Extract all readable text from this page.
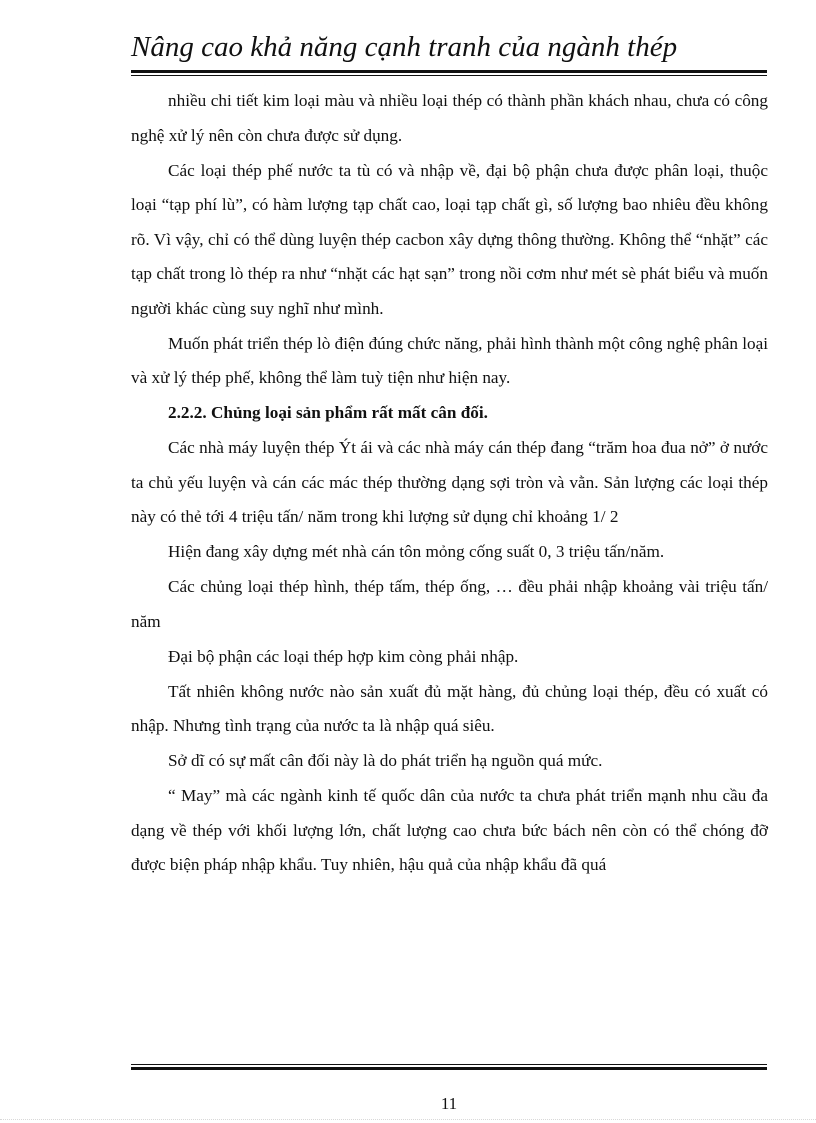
Nâng cao khả năng cạnh tranh của ngành thép

nhiều chi tiết kim loại màu và nhiều loại thép có thành phần khách nhau, chưa có công nghệ xử lý nên còn chưa được sử dụng.

Các loại thép phế nước ta tù có và nhập về, đại bộ phận chưa được phân loại, thuộc loại “tạp phí lù”, có hàm lượng tạp chất cao, loại tạp chất gì, số lượng bao nhiêu đều không rõ. Vì vậy, chỉ có thể dùng luyện thép cacbon xây dựng thông thường. Không thể “nhặt” các tạp chất trong lò thép ra như “nhặt các hạt sạn” trong nồi cơm như mét sè phát biểu và muốn người khác cùng suy nghĩ như mình.

Muốn phát triển thép lò điện đúng chức năng, phải hình thành một công nghệ phân loại và xử lý thép phế, không thể làm tuỳ tiện như hiện nay.

2.2.2. Chủng loại sản phẩm rất mất cân đối.

Các nhà máy luyện thép Ýt ái và các nhà máy cán thép đang “trăm hoa đua nở” ở nước ta chủ yếu luyện và cán các mác thép thường dạng sợi tròn và vằn. Sản lượng các loại thép này có thẻ tới 4 triệu tấn/ năm trong khi lượng sử dụng chỉ khoảng 1/ 2

Hiện đang xây dựng mét nhà cán tôn mỏng cống suất 0, 3 triệu tấn/năm.

Các chủng loại thép hình, thép tấm, thép ống, … đều phải nhập khoảng vài triệu tấn/ năm

Đại bộ phận các loại thép hợp kim còng phải nhập.

Tất nhiên không nước nào sản xuất đủ mặt hàng, đủ chủng loại thép, đều có xuất có nhập. Nhưng tình trạng của nước ta là nhập quá siêu.

Sở dĩ có sự mất cân đối này là do phát triển hạ nguồn quá mức.

“ May” mà các ngành kinh tế quốc dân của nước ta chưa phát triển mạnh nhu cầu đa dạng về thép với khối lượng lớn, chất lượng cao chưa bức bách nên còn có thể chóng đỡ được biện pháp nhập khẩu. Tuy nhiên, hậu quả của nhập khẩu đã quá

11
